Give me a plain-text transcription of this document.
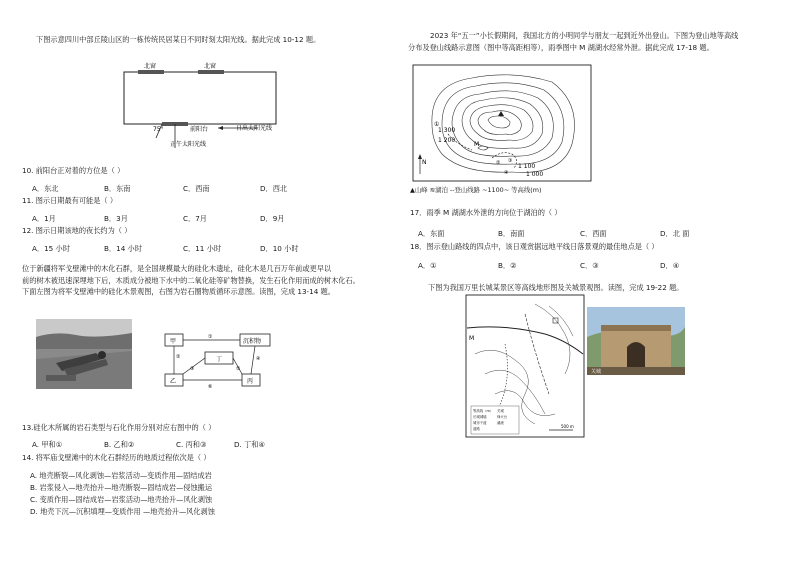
下图示意四川中部丘陵山区的一栋传统民居某日不同时刻太阳光线。据此完成 10-12 题。
北窗	北窗
75°	前阳台
正午太阳光线
日出太阳光线
10. 前阳台正对着的方位是（ ）
A．东北	B．东南	C．西南	D．西北
11. 图示日期最有可能是（ ）
A．1月	B．3月	C．7月	D．9月
12. 图示日期该地的夜长约为（ ）
A．15 小时	B．14 小时	C．11 小时	D．10 小时
位于新疆将军戈壁滩中的木化石群，是全国规模最大的硅化木遗址，硅化木是几百万年前或更早以
前的树木被迅速深埋地下后，木质成分被地下水中的二氧化硅等矿物替换，发生石化作用而成的树木化石。
下面左图为将军戈壁滩中的硅化木景观图，右图为岩石圈物质循环示意图。读图，完成 13-14 题。
甲	沉积物
丁
乙	丙
①
②
③
④
⑤
⑥
13.硅化木所属的岩石类型与石化作用分别对应右图中的（ ）
A. 甲和①	B. 乙和②	C. 丙和③	D. 丁和④
14. 将军庙戈壁滩中的木化石群经历的地质过程依次是（ ）
A. 地壳断裂—风化剥蚀—岩浆活动—变质作用—固结成岩
B. 岩浆侵入—地壳抬升—地壳断裂—固结成岩—侵蚀搬运
C. 变质作用—固结成岩—岩浆活动—地壳抬升—风化剥蚀
D. 地壳下沉—沉积填埋—变质作用 —地壳抬升—风化剥蚀
2023 年“五一”小长假期间，我国北方的小明同学与朋友一起到近外出登山。下图为登山地等高线
分布及登山线路示意图（图中等高距相等），雨季图中 M 湖湖水经常外泄。据此完成 17-18 题。
N
①
1 300
1 200
1 100
1 000
M
② ③
④
▲山峰 ≋湖泊 --登山线路 ~1100~ 等高线(m)
17．雨季 M 湖湖水外泄的方向位于湖泊的（ ）
A．东面	B．南面	C．西面	D．北 面
18．图示登山路线的四点中，该日观赏据远地平线日落景观的最佳地点是（ ）
A．①	B．②	C．③	D．④
下图为我国万里长城某景区等高线地形图及关城景观图。读图，完成 19-22 题。
M
等高线（m）
长城城墙
城市干道
道路
关城
烽火台
溪流
500 m
关城
